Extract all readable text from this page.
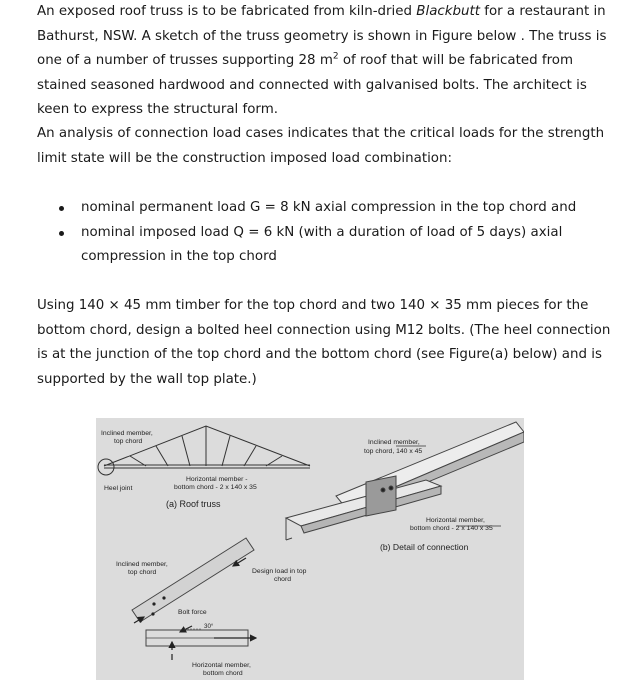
An exposed roof truss is to be fabricated from kiln-dried Blackbutt for a restaurant in Bathurst, NSW. A sketch of the truss geometry is shown in Figure below . The truss is one of a number of trusses supporting 28 $m^2$ of roof that will be fabricated from stained seasoned hardwood and connected with galvanised bolts. The architect is keen to express the structural form.

An analysis of connection load cases indicates that the critical loads for the strength limit state will be the construction imposed load combination:

nominal permanent load G = 8 kN axial compression in the top chord and
nominal imposed load Q = 6 kN (with a duration of load of 5 days) axial compression in the top chord

Using 140 × 45 mm timber for the top chord and two 140 × 35 mm pieces for the bottom chord, design a bolted heel connection using M12 bolts. (The heel connection is at the junction of the top chord and the bottom chord (see Figure(a) below) and is supported by the wall top plate.)

Inclined member,
top chord
Heel joint
Horizontal member -
bottom chord - 2 x 140 x 35
(a) Roof truss
Inclined member,
top chord, 140 x 45
Horizontal member,
bottom chord - 2 x 140 x 35
(b) Detail of connection
Inclined member,
top chord	Design load in top
chord
Bolt force
30°
Horizontal member,
bottom chord
